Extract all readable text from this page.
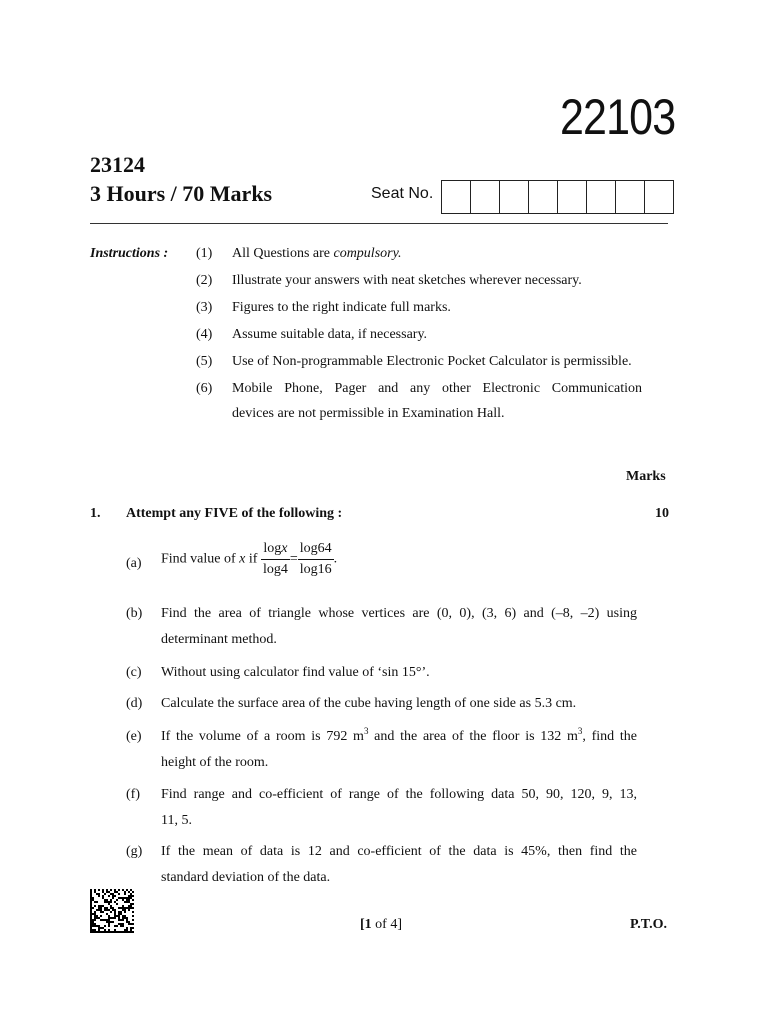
22103
23124
3 Hours / 70 Marks	Seat No.
Instructions : (1) All Questions are compulsory.
(2) Illustrate your answers with neat sketches wherever necessary.
(3) Figures to the right indicate full marks.
(4) Assume suitable data, if necessary.
(5) Use of Non-programmable Electronic Pocket Calculator is permissible.
(6) Mobile Phone, Pager and any other Electronic Communication
devices are not permissible in Examination Hall.
Marks
1. Attempt any FIVE of the following :	10
(a) Find value of x if $\frac{\log x}{\log 4} = \frac{\log 64}{\log 16}$ .
(b) Find the area of triangle whose vertices are (0, 0), (3, 6) and (–8, –2) using
determinant method.
(c) Without using calculator find value of ‘sin 15°’.
(d) Calculate the surface area of the cube having length of one side as 5.3 cm.
(e) If the volume of a room is 792 $m^3$ and the area of the floor is 132 $m^3$, find the
height of the room.
(f) Find range and co-efficient of range of the following data 50, 90, 120, 9, 13,
11, 5.
(g) If the mean of data is 12 and co-efficient of the data is 45%, then find the
standard deviation of the data.
[1 of 4]	P.T.O.
